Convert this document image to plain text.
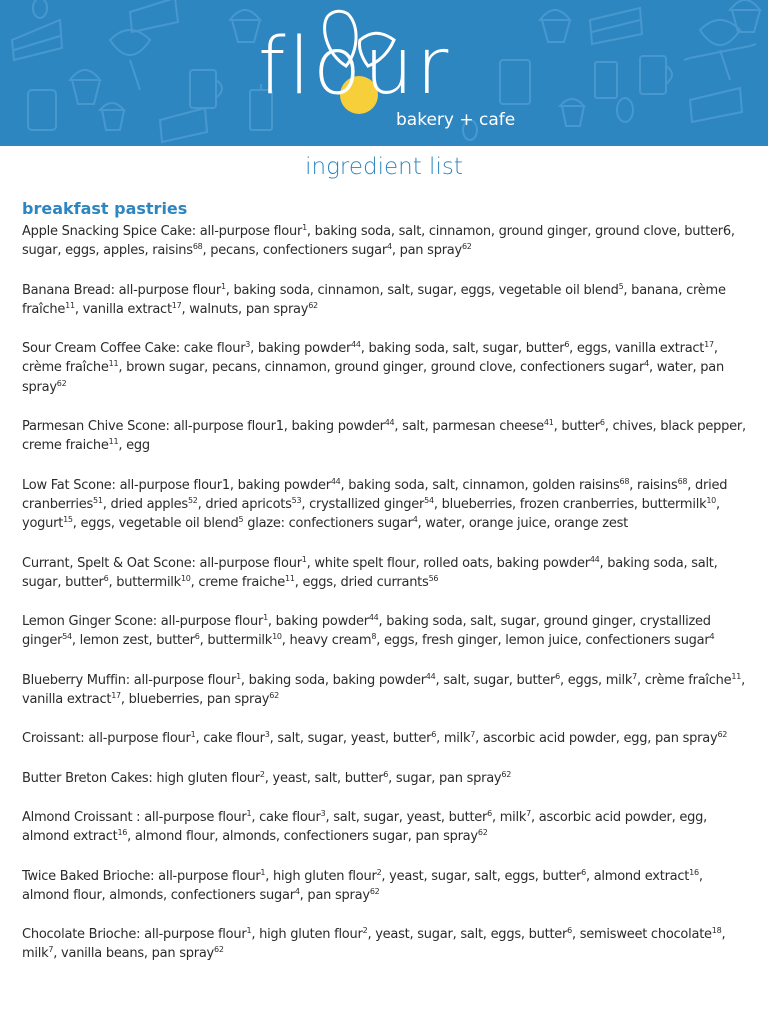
flour
bakery + cafe
ingredient list
breakfast pastries
Apple Snacking Spice Cake: all-purpose flour$^1$, baking soda, salt, cinnamon, ground ginger, ground clove, butter6, sugar, eggs, apples, raisins$^{68}$, pecans, confectioners sugar$^4$, pan spray$^{62}$
Banana Bread: all-purpose flour$^1$, baking soda, cinnamon, salt, sugar, eggs, vegetable oil blend$^5$, banana, crème fraîche$^{11}$, vanilla extract$^{17}$, walnuts, pan spray$^{62}$
Sour Cream Coffee Cake: cake flour$^3$, baking powder$^{44}$, baking soda, salt, sugar, butter$^6$, eggs, vanilla extract$^{17}$, crème fraîche$^{11}$, brown sugar, pecans, cinnamon, ground ginger, ground clove, confectioners sugar$^4$, water, pan spray$^{62}$
Parmesan Chive Scone: all-purpose flour1, baking powder$^{44}$, salt, parmesan cheese$^{41}$, butter$^6$, chives, black pepper, creme fraiche$^{11}$, egg
Low Fat Scone: all-purpose flour1, baking powder$^{44}$, baking soda, salt, cinnamon, golden raisins$^{68}$, raisins$^{68}$, dried cranberries$^{51}$, dried apples$^{52}$, dried apricots$^{53}$, crystallized ginger$^{54}$, blueberries, frozen cranberries, buttermilk$^{10}$, yogurt$^{15}$, eggs, vegetable oil blend$^5$ glaze: confectioners sugar$^4$, water, orange juice, orange zest
Currant, Spelt & Oat Scone: all-purpose flour$^1$, white spelt flour, rolled oats, baking powder$^{44}$, baking soda, salt, sugar, butter$^6$, buttermilk$^{10}$, creme fraiche$^{11}$, eggs, dried currants$^{56}$
Lemon Ginger Scone: all-purpose flour$^1$, baking powder$^{44}$, baking soda, salt, sugar, ground ginger, crystallized ginger$^{54}$, lemon zest, butter$^6$, buttermilk$^{10}$, heavy cream$^8$, eggs, fresh ginger, lemon juice, confectioners sugar$^4$
Blueberry Muffin: all-purpose flour$^1$, baking soda, baking powder$^{44}$, salt, sugar, butter$^6$, eggs, milk$^7$, crème fraîche$^{11}$, vanilla extract$^{17}$, blueberries, pan spray$^{62}$
Croissant: all-purpose flour$^1$, cake flour$^3$, salt, sugar, yeast, butter$^6$, milk$^7$, ascorbic acid powder, egg, pan spray$^{62}$
Butter Breton Cakes: high gluten flour$^2$, yeast, salt, butter$^6$, sugar, pan spray$^{62}$
Almond Croissant : all-purpose flour$^1$, cake flour$^3$, salt, sugar, yeast, butter$^6$, milk$^7$, ascorbic acid powder, egg, almond extract$^{16}$, almond flour, almonds, confectioners sugar, pan spray$^{62}$
Twice Baked Brioche: all-purpose flour$^1$, high gluten flour$^2$, yeast, sugar, salt, eggs, butter$^6$, almond extract$^{16}$, almond flour, almonds, confectioners sugar$^4$, pan spray$^{62}$
Chocolate Brioche: all-purpose flour$^1$, high gluten flour$^2$, yeast, sugar, salt, eggs, butter$^6$, semisweet chocolate$^{18}$, milk$^7$, vanilla beans, pan spray$^{62}$
